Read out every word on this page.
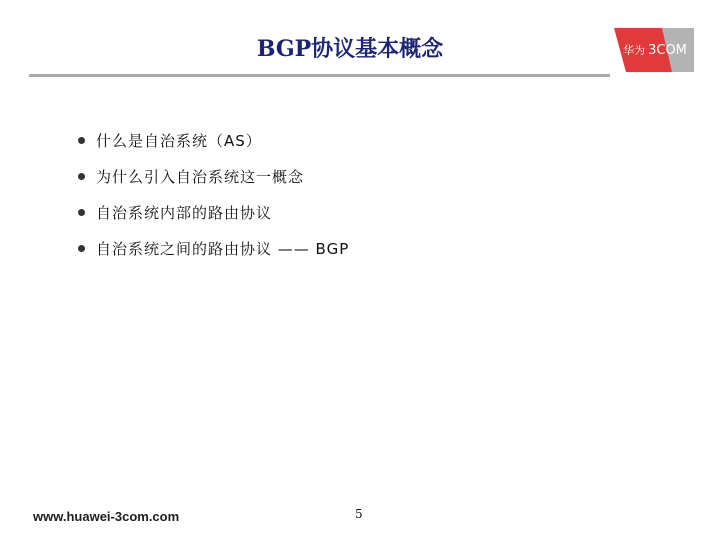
BGP协议基本概念	华为 3COM
什么是自治系统（AS）
为什么引入自治系统这一概念
自治系统内部的路由协议
自治系统之间的路由协议 —— BGP
www.huawei-3com.com	5
